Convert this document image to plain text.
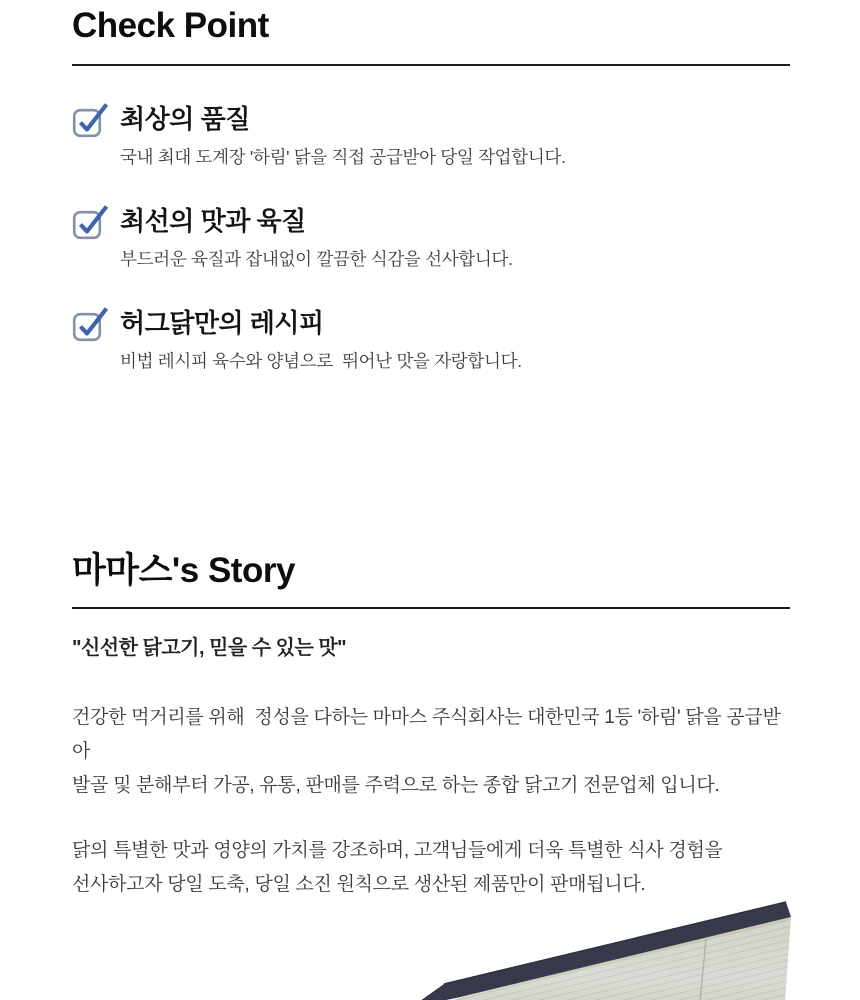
Check Point
최상의 품질
국내 최대 도계장 '하림' 닭을 직접 공급받아 당일 작업합니다.
최선의 맛과 육질
부드러운 육질과 잡내없이 깔끔한 식감을 선사합니다.
허그닭만의 레시피
비법 레시피 육수와 양념으로  뛰어난 맛을 자랑합니다.
마마스's Story
"신선한 닭고기, 믿을 수 있는 맛"
건강한 먹거리를 위해  정성을 다하는 마마스 주식회사는 대한민국 1등 '하림' 닭을 공급받아
발골 및 분해부터 가공, 유통, 판매를 주력으로 하는 종합 닭고기 전문업체 입니다.
닭의 특별한 맛과 영양의 가치를 강조하며, 고객님들에게 더욱 특별한 식사 경험을
선사하고자 당일 도축, 당일 소진 원칙으로 생산된 제품만이 판매됩니다.
